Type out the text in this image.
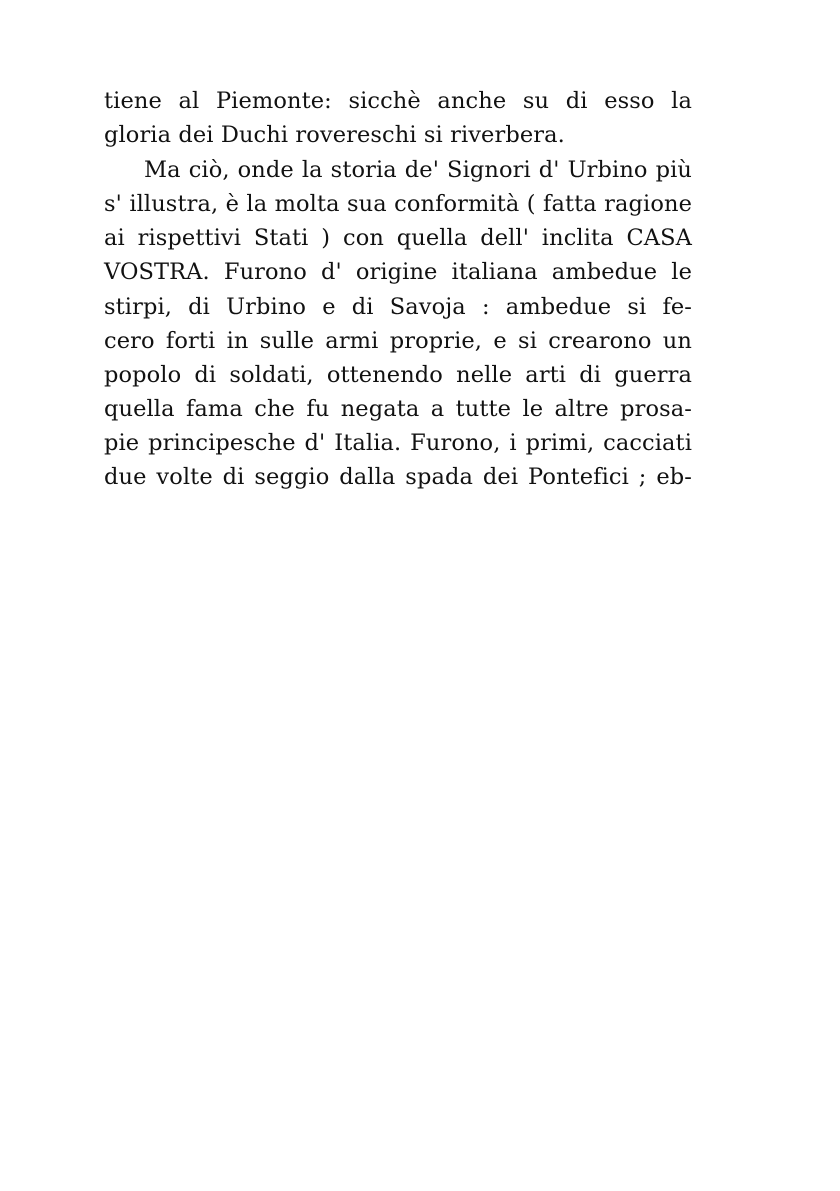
tiene al Piemonte: sicchè anche su di esso la
gloria dei Duchi rovereschi si riverbera.
Ma ciò, onde la storia de' Signori d' Urbino più
s' illustra, è la molta sua conformità ( fatta ragione
ai rispettivi Stati ) con quella dell' inclita CASA
VOSTRA. Furono d' origine italiana ambedue le
stirpi, di Urbino e di Savoja : ambedue si fe-
cero forti in sulle armi proprie, e si crearono un
popolo di soldati, ottenendo nelle arti di guerra
quella fama che fu negata a tutte le altre prosa-
pie principesche d' Italia. Furono, i primi, cacciati
due volte di seggio dalla spada dei Pontefici ; eb-
